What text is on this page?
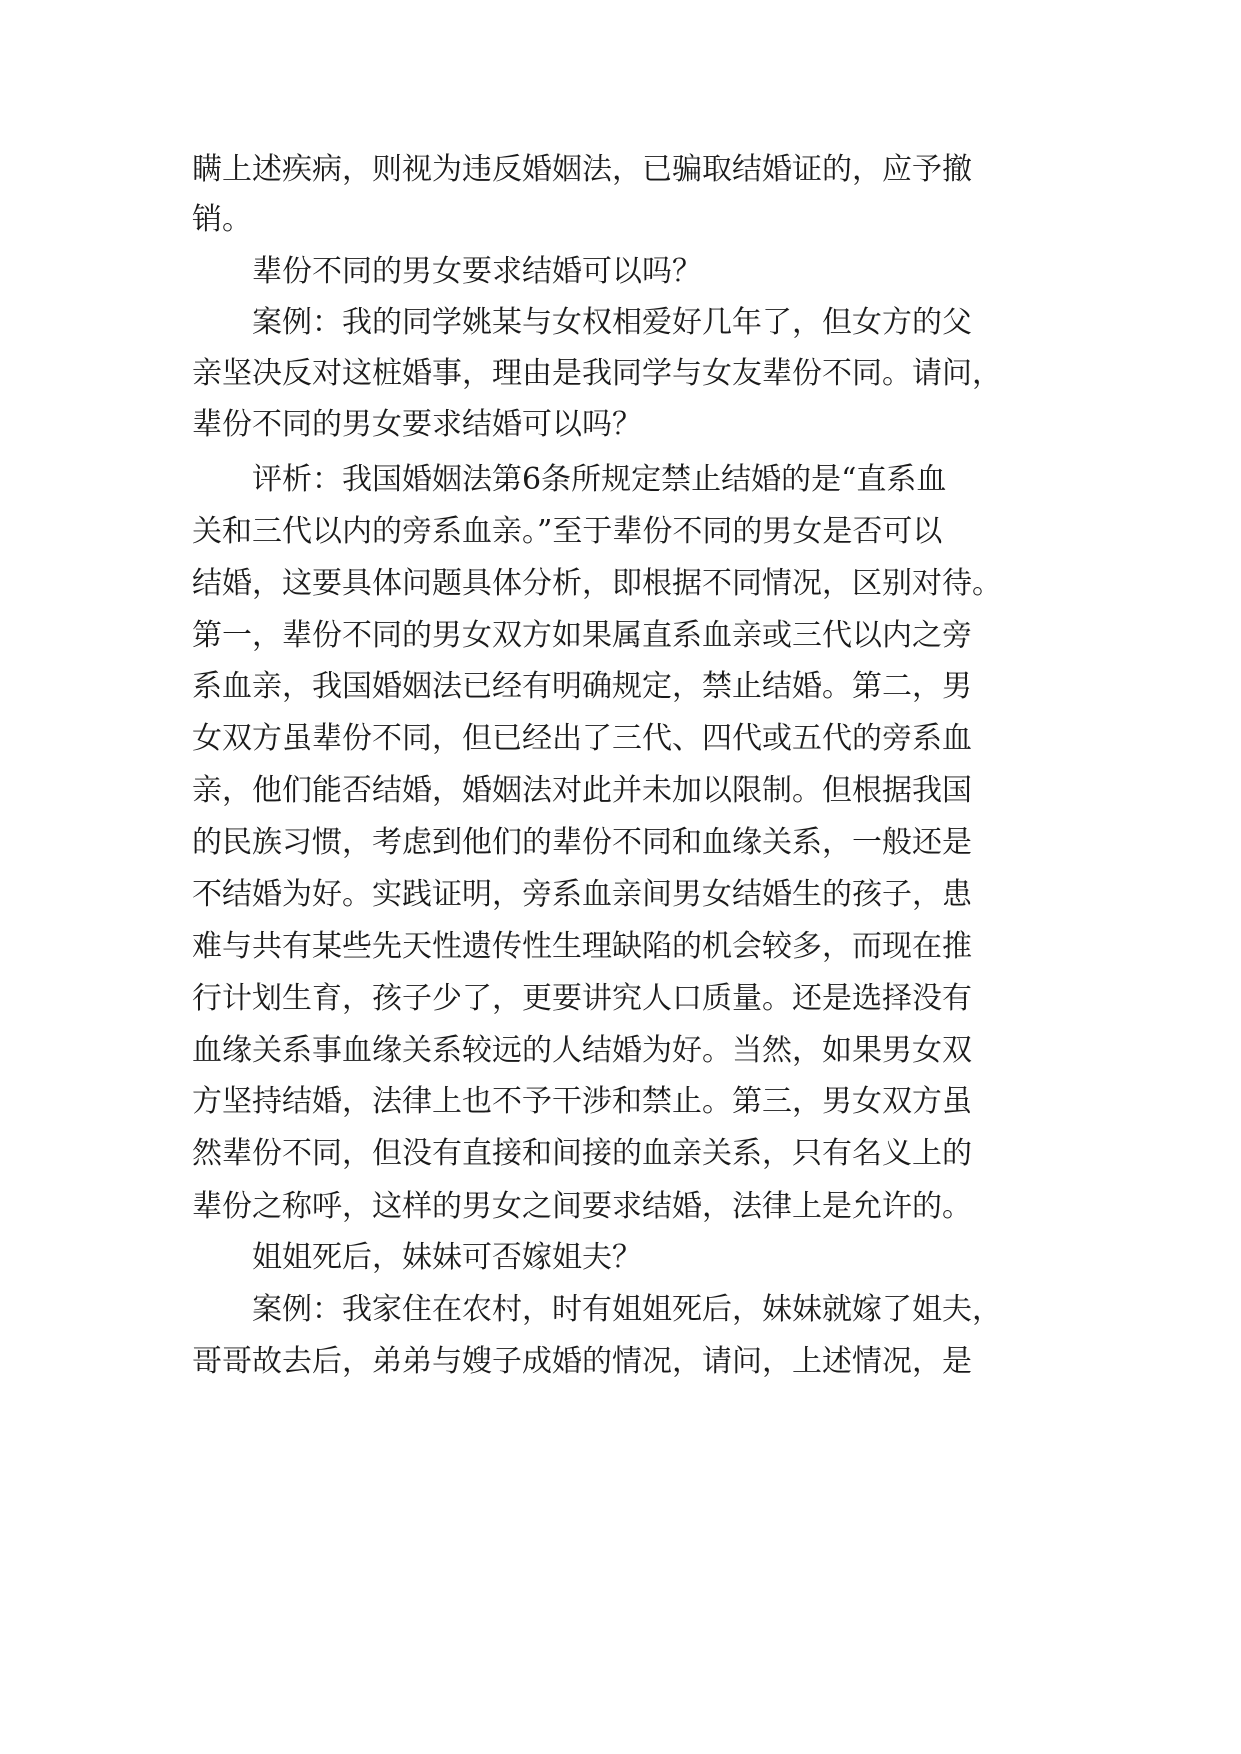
瞒上述疾病，则视为违反婚姻法，已骗取结婚证的，应予撤
销。
辈份不同的男女要求结婚可以吗？
案例：我的同学姚某与女权相爱好几年了，但女方的父
亲坚决反对这桩婚事，理由是我同学与女友辈份不同。请问，
辈份不同的男女要求结婚可以吗？
评析：我国婚姻法第6条所规定禁止结婚的是“直系血
关和三代以内的旁系血亲。”至于辈份不同的男女是否可以
结婚，这要具体问题具体分析，即根据不同情况，区别对待。
第一，辈份不同的男女双方如果属直系血亲或三代以内之旁
系血亲，我国婚姻法已经有明确规定，禁止结婚。第二，男
女双方虽辈份不同，但已经出了三代、四代或五代的旁系血
亲，他们能否结婚，婚姻法对此并未加以限制。但根据我国
的民族习惯，考虑到他们的辈份不同和血缘关系，一般还是
不结婚为好。实践证明，旁系血亲间男女结婚生的孩子，患
难与共有某些先天性遗传性生理缺陷的机会较多，而现在推
行计划生育，孩子少了，更要讲究人口质量。还是选择没有
血缘关系事血缘关系较远的人结婚为好。当然，如果男女双
方坚持结婚，法律上也不予干涉和禁止。第三，男女双方虽
然辈份不同，但没有直接和间接的血亲关系，只有名义上的
辈份之称呼，这样的男女之间要求结婚，法律上是允许的。
姐姐死后，妹妹可否嫁姐夫？
案例：我家住在农村，时有姐姐死后，妹妹就嫁了姐夫，
哥哥故去后，弟弟与嫂子成婚的情况，请问，上述情况，是
